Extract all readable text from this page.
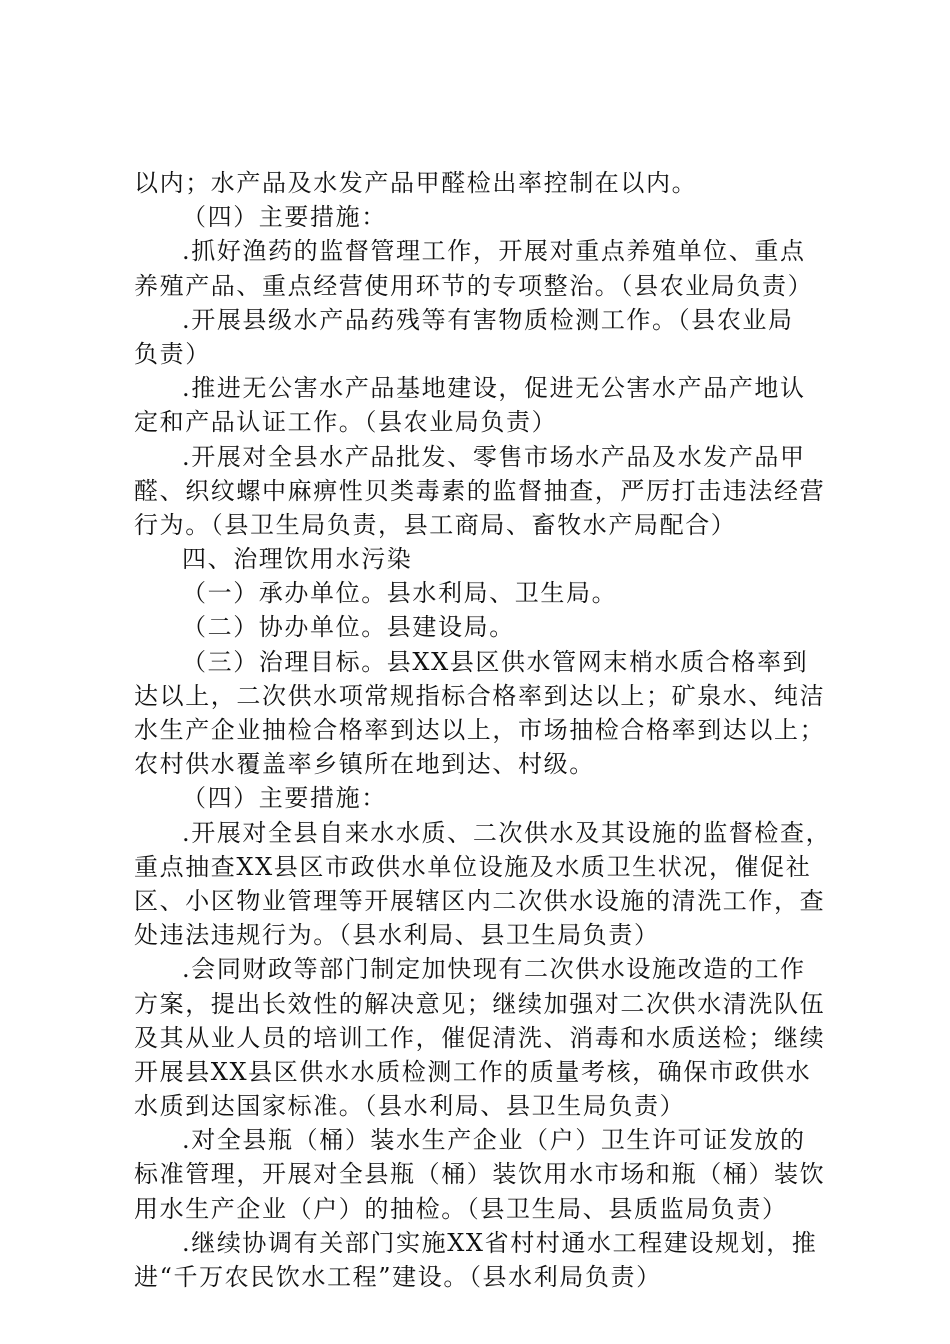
以内；水产品及水发产品甲醛检出率控制在以内。
（四）主要措施：
.抓好渔药的监督管理工作，开展对重点养殖单位、重点
养殖产品、重点经营使用环节的专项整治。（县农业局负责）
.开展县级水产品药残等有害物质检测工作。（县农业局
负责）
.推进无公害水产品基地建设，促进无公害水产品产地认
定和产品认证工作。（县农业局负责）
.开展对全县水产品批发、零售市场水产品及水发产品甲
醛、织纹螺中麻痹性贝类毒素的监督抽查，严厉打击违法经营
行为。（县卫生局负责，县工商局、畜牧水产局配合）
四、治理饮用水污染
（一）承办单位。县水利局、卫生局。
（二）协办单位。县建设局。
（三）治理目标。县XX县区供水管网末梢水质合格率到
达以上，二次供水项常规指标合格率到达以上；矿泉水、纯洁
水生产企业抽检合格率到达以上，市场抽检合格率到达以上；
农村供水覆盖率乡镇所在地到达、村级。
（四）主要措施：
.开展对全县自来水水质、二次供水及其设施的监督检查，
重点抽查XX县区市政供水单位设施及水质卫生状况，催促社
区、小区物业管理等开展辖区内二次供水设施的清洗工作，查
处违法违规行为。（县水利局、县卫生局负责）
.会同财政等部门制定加快现有二次供水设施改造的工作
方案，提出长效性的解决意见；继续加强对二次供水清洗队伍
及其从业人员的培训工作，催促清洗、消毒和水质送检；继续
开展县XX县区供水水质检测工作的质量考核，确保市政供水
水质到达国家标准。（县水利局、县卫生局负责）
.对全县瓶（桶）装水生产企业（户）卫生许可证发放的
标准管理，开展对全县瓶（桶）装饮用水市场和瓶（桶）装饮
用水生产企业（户）的抽检。（县卫生局、县质监局负责）
.继续协调有关部门实施XX省村村通水工程建设规划，推
进“千万农民饮水工程”建设。（县水利局负责）
